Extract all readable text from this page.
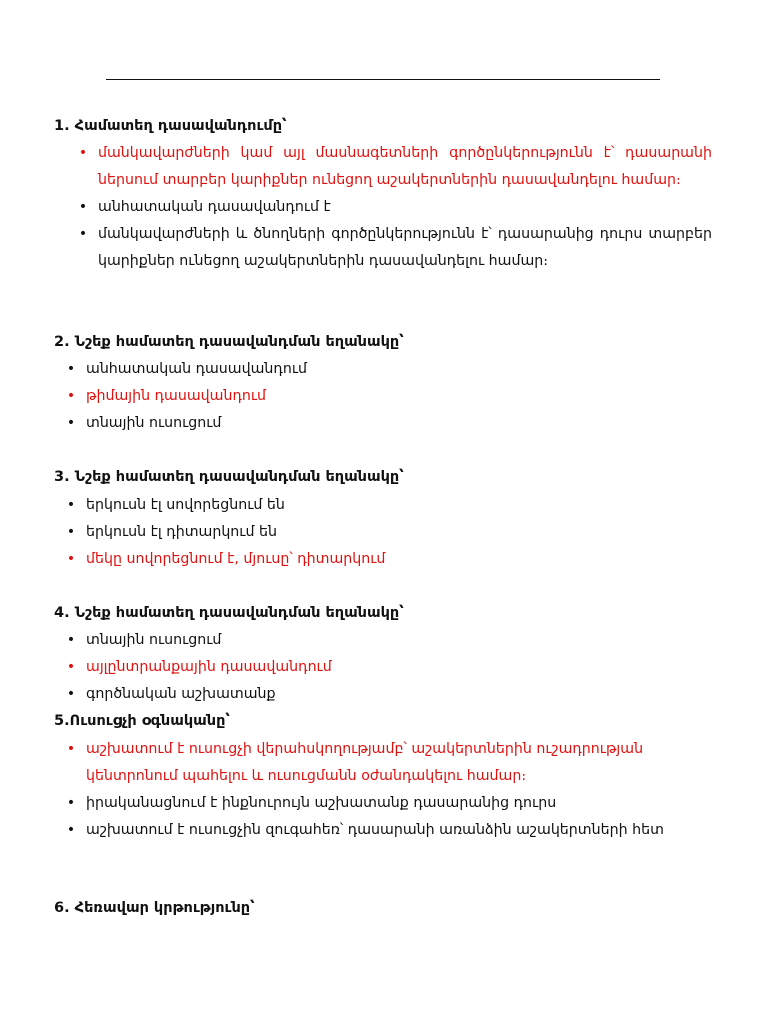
1. Համատեղ դասավանդումը՝
• մանկավարժների կամ այլ մասնագետների գործընկերությունն է՝ դասարանի ներսում տարբեր կարիքներ ունեցող աշակերտներին դասավանդելու համար։
• անհատական դասավանդում է
• մանկավարժների և ծնողների գործընկերությունն է՝ դասարանից դուրս տարբեր կարիքներ ունեցող աշակերտներին դասավանդելու համար։
2. Նշեք համատեղ դասավանդման եղանակը՝
• անհատական դասավանդում
• թիմային դասավանդում
• տնային ուսուցում
3. Նշեք համատեղ դասավանդման եղանակը՝
• երկուսն էլ սովորեցնում են
• երկուսն էլ դիտարկում են
• մեկը սովորեցնում է, մյուսը՝ դիտարկում
4. Նշեք համատեղ դասավանդման եղանակը՝
• տնային ուսուցում
• այլընտրանքային դասավանդում
• գործնական աշխատանք
5.Ուսուցչի օգնականը՝
• աշխատում է ուսուցչի վերահսկողությամբ՝ աշակերտներին ուշադրության կենտրոնում պահելու և ուսուցմանն օժանդակելու համար։
• իրականացնում է ինքնուրույն աշխատանք դասարանից դուրս
• աշխատում է ուսուցչին զուգահեռ՝ դասարանի առանձին աշակերտների հետ
6. Հեռավար կրթությունը՝
